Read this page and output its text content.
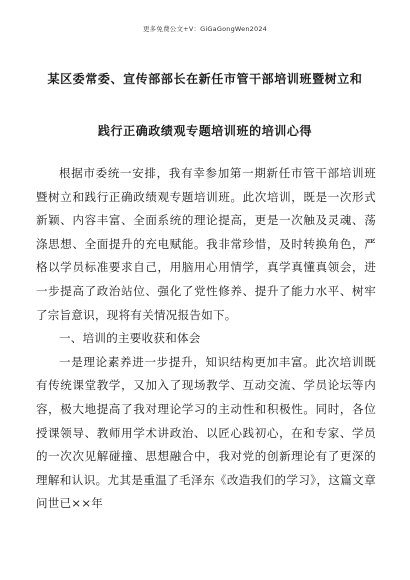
更多免费公文+V：GiGaGongWen2024
某区委常委、宣传部部长在新任市管干部培训班暨树立和
践行正确政绩观专题培训班的培训心得

根据市委统一安排，我有幸参加第一期新任市管干部培训班暨树立和践行正确政绩观专题培训班。此次培训，既是一次形式新颖、内容丰富、全面系统的理论提高，更是一次触及灵魂、荡涤思想、全面提升的充电赋能。我非常珍惜，及时转换角色，严格以学员标准要求自己，用脑用心用情学，真学真懂真领会，进一步提高了政治站位、强化了党性修养、提升了能力水平、树牢了宗旨意识，现将有关情况报告如下。

一、培训的主要收获和体会

一是理论素养进一步提升，知识结构更加丰富。此次培训既有传统课堂教学，又加入了现场教学、互动交流、学员论坛等内容，极大地提高了我对理论学习的主动性和积极性。同时，各位授课领导、教师用学术讲政治、以匠心践初心，在和专家、学员的一次次见解碰撞、思想融合中，我对党的创新理论有了更深的理解和认识。尤其是重温了毛泽东《改造我们的学习》，这篇文章问世已××年
